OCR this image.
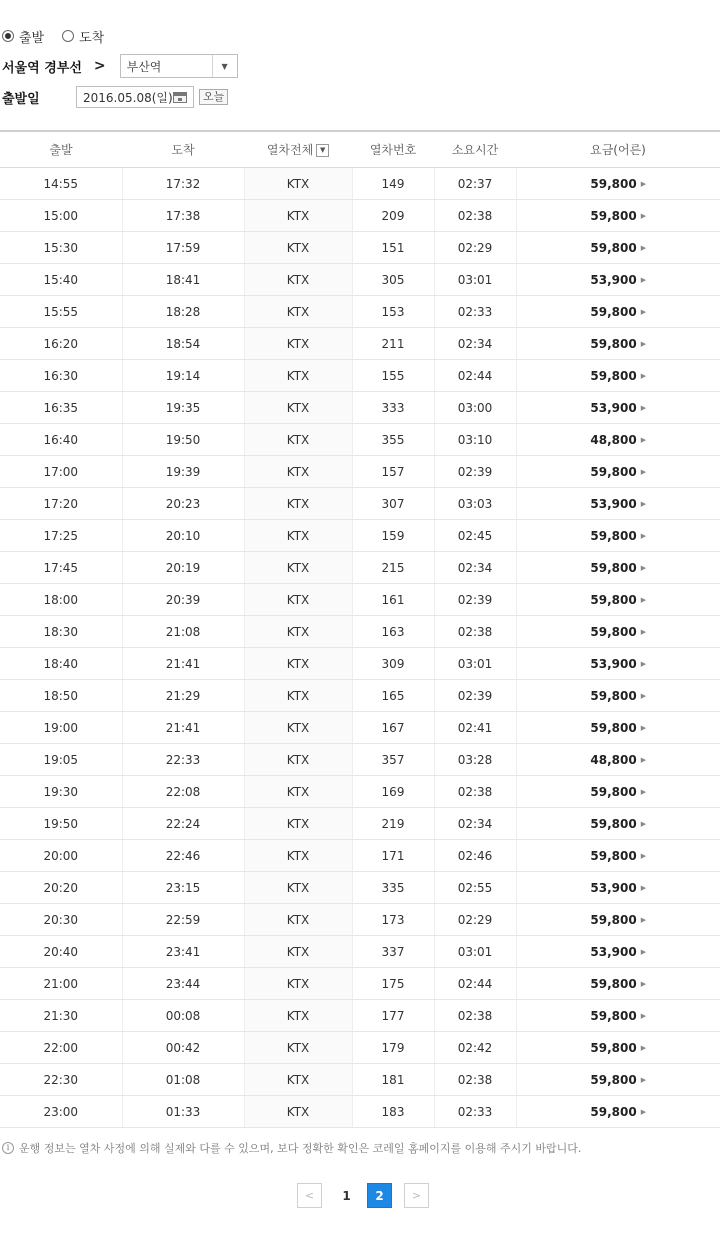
출발	도착
서울역 경부선 >	부산역	▼
출발일	2016.05.08(일)	오늘
출발	도착	열차전체 ▼	열차번호	소요시간	요금(어른)
14:55	17:32	KTX	149	02:37	59,800 ▶
15:00	17:38	KTX	209	02:38	59,800 ▶
15:30	17:59	KTX	151	02:29	59,800 ▶
15:40	18:41	KTX	305	03:01	53,900 ▶
15:55	18:28	KTX	153	02:33	59,800 ▶
16:20	18:54	KTX	211	02:34	59,800 ▶
16:30	19:14	KTX	155	02:44	59,800 ▶
16:35	19:35	KTX	333	03:00	53,900 ▶
16:40	19:50	KTX	355	03:10	48,800 ▶
17:00	19:39	KTX	157	02:39	59,800 ▶
17:20	20:23	KTX	307	03:03	53,900 ▶
17:25	20:10	KTX	159	02:45	59,800 ▶
17:45	20:19	KTX	215	02:34	59,800 ▶
18:00	20:39	KTX	161	02:39	59,800 ▶
18:30	21:08	KTX	163	02:38	59,800 ▶
18:40	21:41	KTX	309	03:01	53,900 ▶
18:50	21:29	KTX	165	02:39	59,800 ▶
19:00	21:41	KTX	167	02:41	59,800 ▶
19:05	22:33	KTX	357	03:28	48,800 ▶
19:30	22:08	KTX	169	02:38	59,800 ▶
19:50	22:24	KTX	219	02:34	59,800 ▶
20:00	22:46	KTX	171	02:46	59,800 ▶
20:20	23:15	KTX	335	02:55	53,900 ▶
20:30	22:59	KTX	173	02:29	59,800 ▶
20:40	23:41	KTX	337	03:01	53,900 ▶
21:00	23:44	KTX	175	02:44	59,800 ▶
21:30	00:08	KTX	177	02:38	59,800 ▶
22:00	00:42	KTX	179	02:42	59,800 ▶
22:30	01:08	KTX	181	02:38	59,800 ▶
23:00	01:33	KTX	183	02:33	59,800 ▶
i 운행 정보는 열차 사정에 의해 실제와 다를 수 있으며, 보다 정확한 확인은 코레일 홈페이지를 이용해 주시기 바랍니다.
<	1	2	>
